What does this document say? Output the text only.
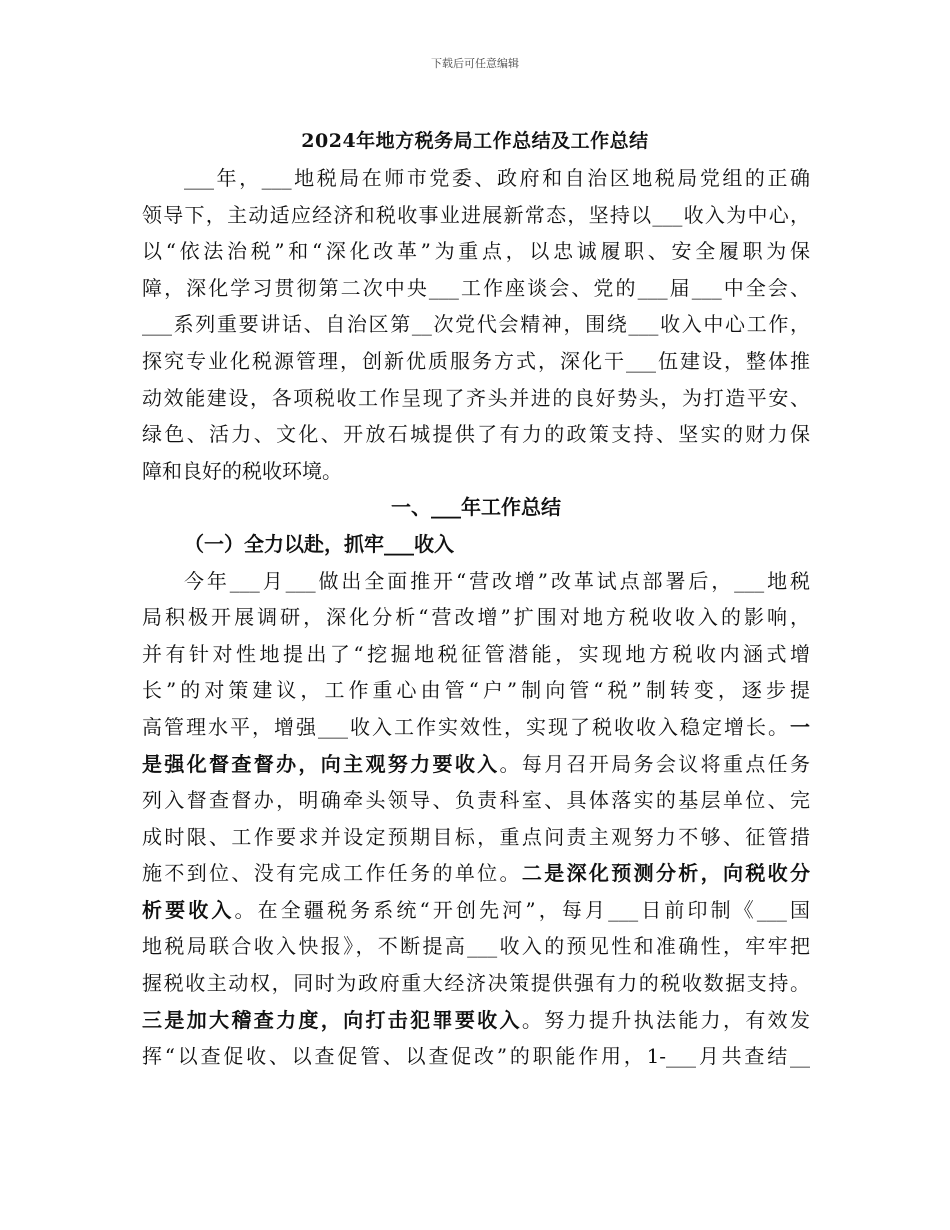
下载后可任意编辑
2024年地方税务局工作总结及工作总结
___年，___地税局在师市党委、政府和自治区地税局党组的正确
领导下，主动适应经济和税收事业进展新常态，坚持以___收入为中心，
以“依法治税”和“深化改革”为重点，以忠诚履职、安全履职为保
障，深化学习贯彻第二次中央___工作座谈会、党的___届___中全会、
___系列重要讲话、自治区第__次党代会精神，围绕___收入中心工作，
探究专业化税源管理，创新优质服务方式，深化干___伍建设，整体推
动效能建设，各项税收工作呈现了齐头并进的良好势头，为打造平安、
绿色、活力、文化、开放石城提供了有力的政策支持、坚实的财力保
障和良好的税收环境。
一、___年工作总结
（一）全力以赴，抓牢___收入
今年___月___做出全面推开“营改增”改革试点部署后，___地税
局积极开展调研，深化分析“营改增”扩围对地方税收收入的影响，
并有针对性地提出了“挖掘地税征管潜能，实现地方税收内涵式增
长”的对策建议，工作重心由管“户”制向管“税”制转变，逐步提
高管理水平，增强___收入工作实效性，实现了税收收入稳定增长。一
是强化督查督办，向主观努力要收入。每月召开局务会议将重点任务
列入督查督办，明确牵头领导、负责科室、具体落实的基层单位、完
成时限、工作要求并设定预期目标，重点问责主观努力不够、征管措
施不到位、没有完成工作任务的单位。二是深化预测分析，向税收分
析要收入。在全疆税务系统“开创先河”，每月___日前印制《___国
地税局联合收入快报》，不断提高___收入的预见性和准确性，牢牢把
握税收主动权，同时为政府重大经济决策提供强有力的税收数据支持。
三是加大稽查力度，向打击犯罪要收入。努力提升执法能力，有效发
挥“以查促收、以查促管、以查促改”的职能作用，1-___月共查结__
